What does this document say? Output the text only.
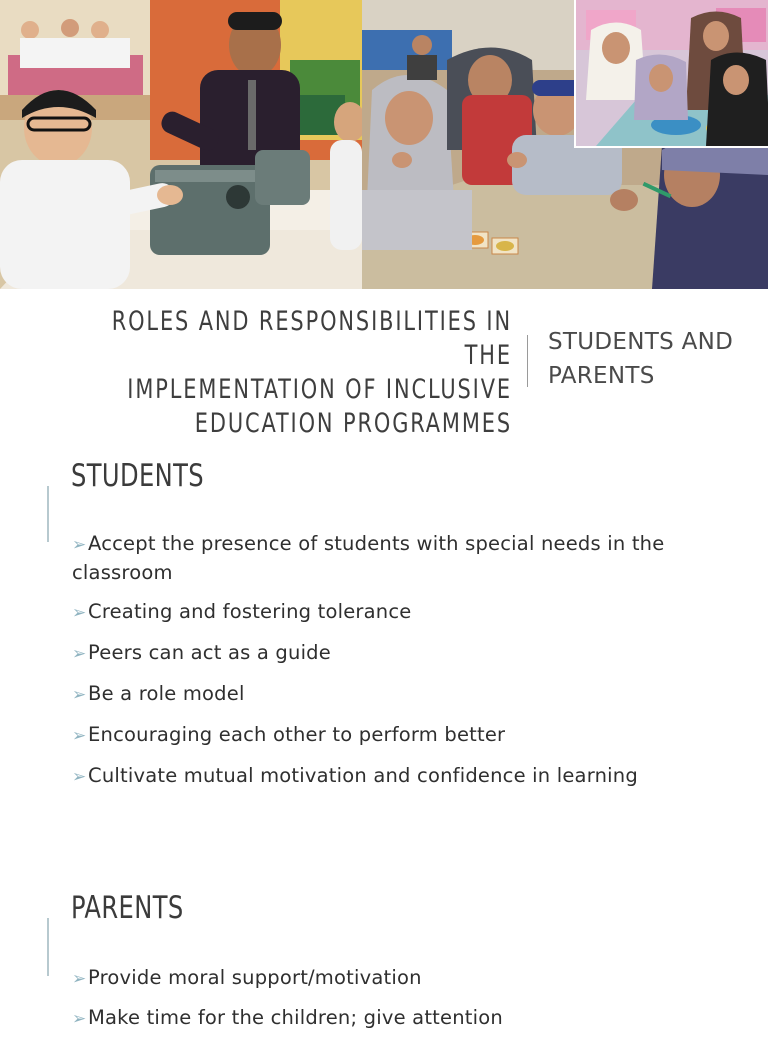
ROLES AND RESPONSIBILITIES IN THE
IMPLEMENTATION OF INCLUSIVE
EDUCATION PROGRAMMES
STUDENTS AND
PARENTS
STUDENTS
➢Accept the presence of students with special needs in the classroom
➢Creating and fostering tolerance
➢Peers can act as a guide
➢Be a role model
➢Encouraging each other to perform better
➢Cultivate mutual motivation and confidence in learning
PARENTS
➢Provide moral support/motivation
➢Make time for the children; give attention
